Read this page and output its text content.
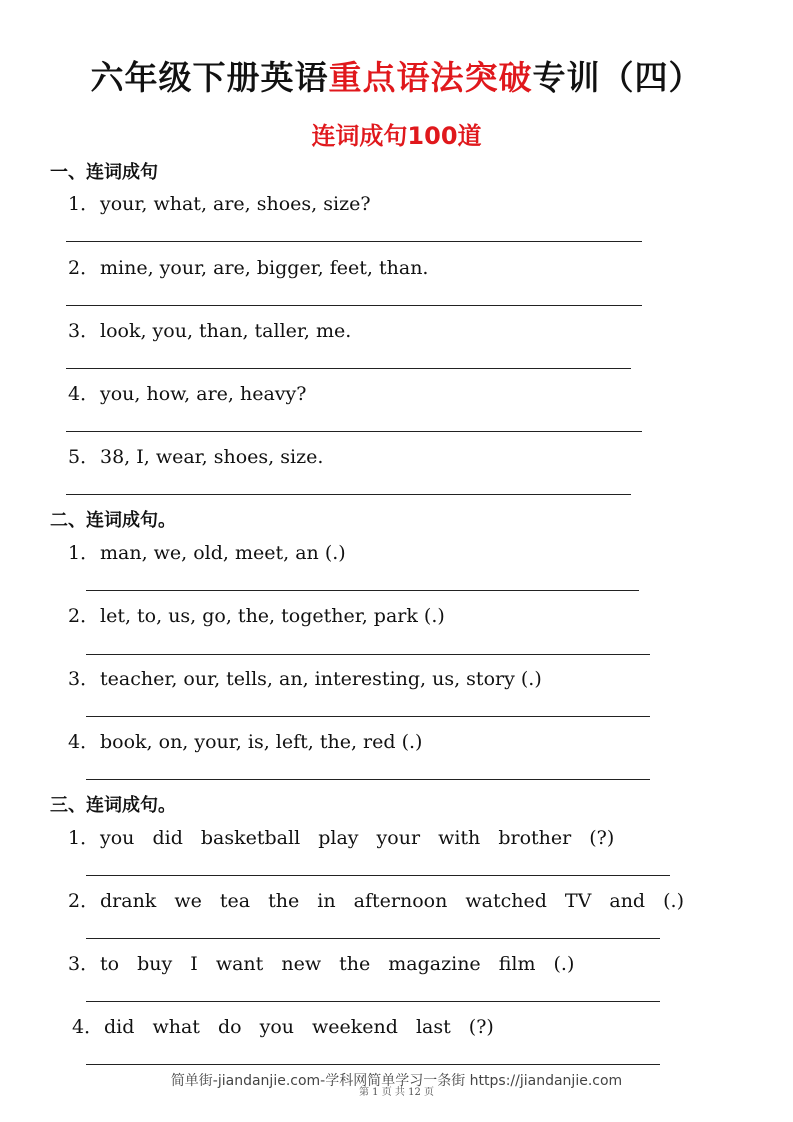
六年级下册英语重点语法突破专训（四）
连词成句100道
一、连词成句
1．your, what, are, shoes, size?
2．mine, your, are, bigger, feet, than.
3．look, you, than, taller, me.
4．you, how, are, heavy?
5．38, I, wear, shoes, size.
二、连词成句。
1．man, we, old, meet, an (.)
2．let, to, us, go, the, together, park (.)
3．teacher, our, tells, an, interesting, us, story (.)
4．book, on, your, is, left, the, red (.)
三、连词成句。
1．you did basketball play your with brother (?)
2．drank we tea the in afternoon watched TV and (.)
3．to buy I want new the magazine film (.)
4．did what do you weekend last (?)
简单街-jiandanjie.com-学科网简单学习一条街 https://jiandanjie.com
第 1 页 共 12 页
